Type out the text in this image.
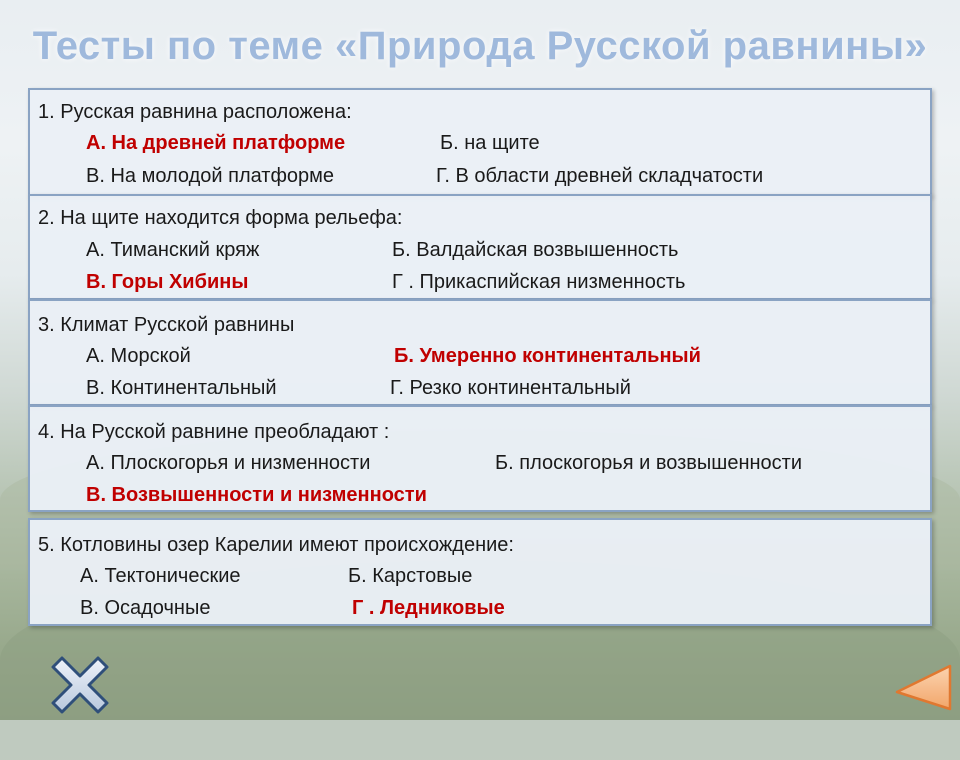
Тесты по теме «Природа Русской равнины»
1. Русская равнина расположена:
А. На древней платформе	Б. на щите
В. На молодой платформе	Г. В области древней складчатости
2. На щите находится форма рельефа:
А. Тиманский кряж	Б. Валдайская возвышенность
В. Горы Хибины	Г . Прикаспийская низменность
3. Климат Русской равнины
А. Морской	Б. Умеренно континентальный
В. Континентальный	Г. Резко континентальный
4. На Русской равнине преобладают :
А. Плоскогорья и низменности	Б. плоскогорья и возвышенности
В. Возвышенности и низменности
5. Котловины озер Карелии имеют происхождение:
А. Тектонические	Б. Карстовые
В. Осадочные	Г . Ледниковые
